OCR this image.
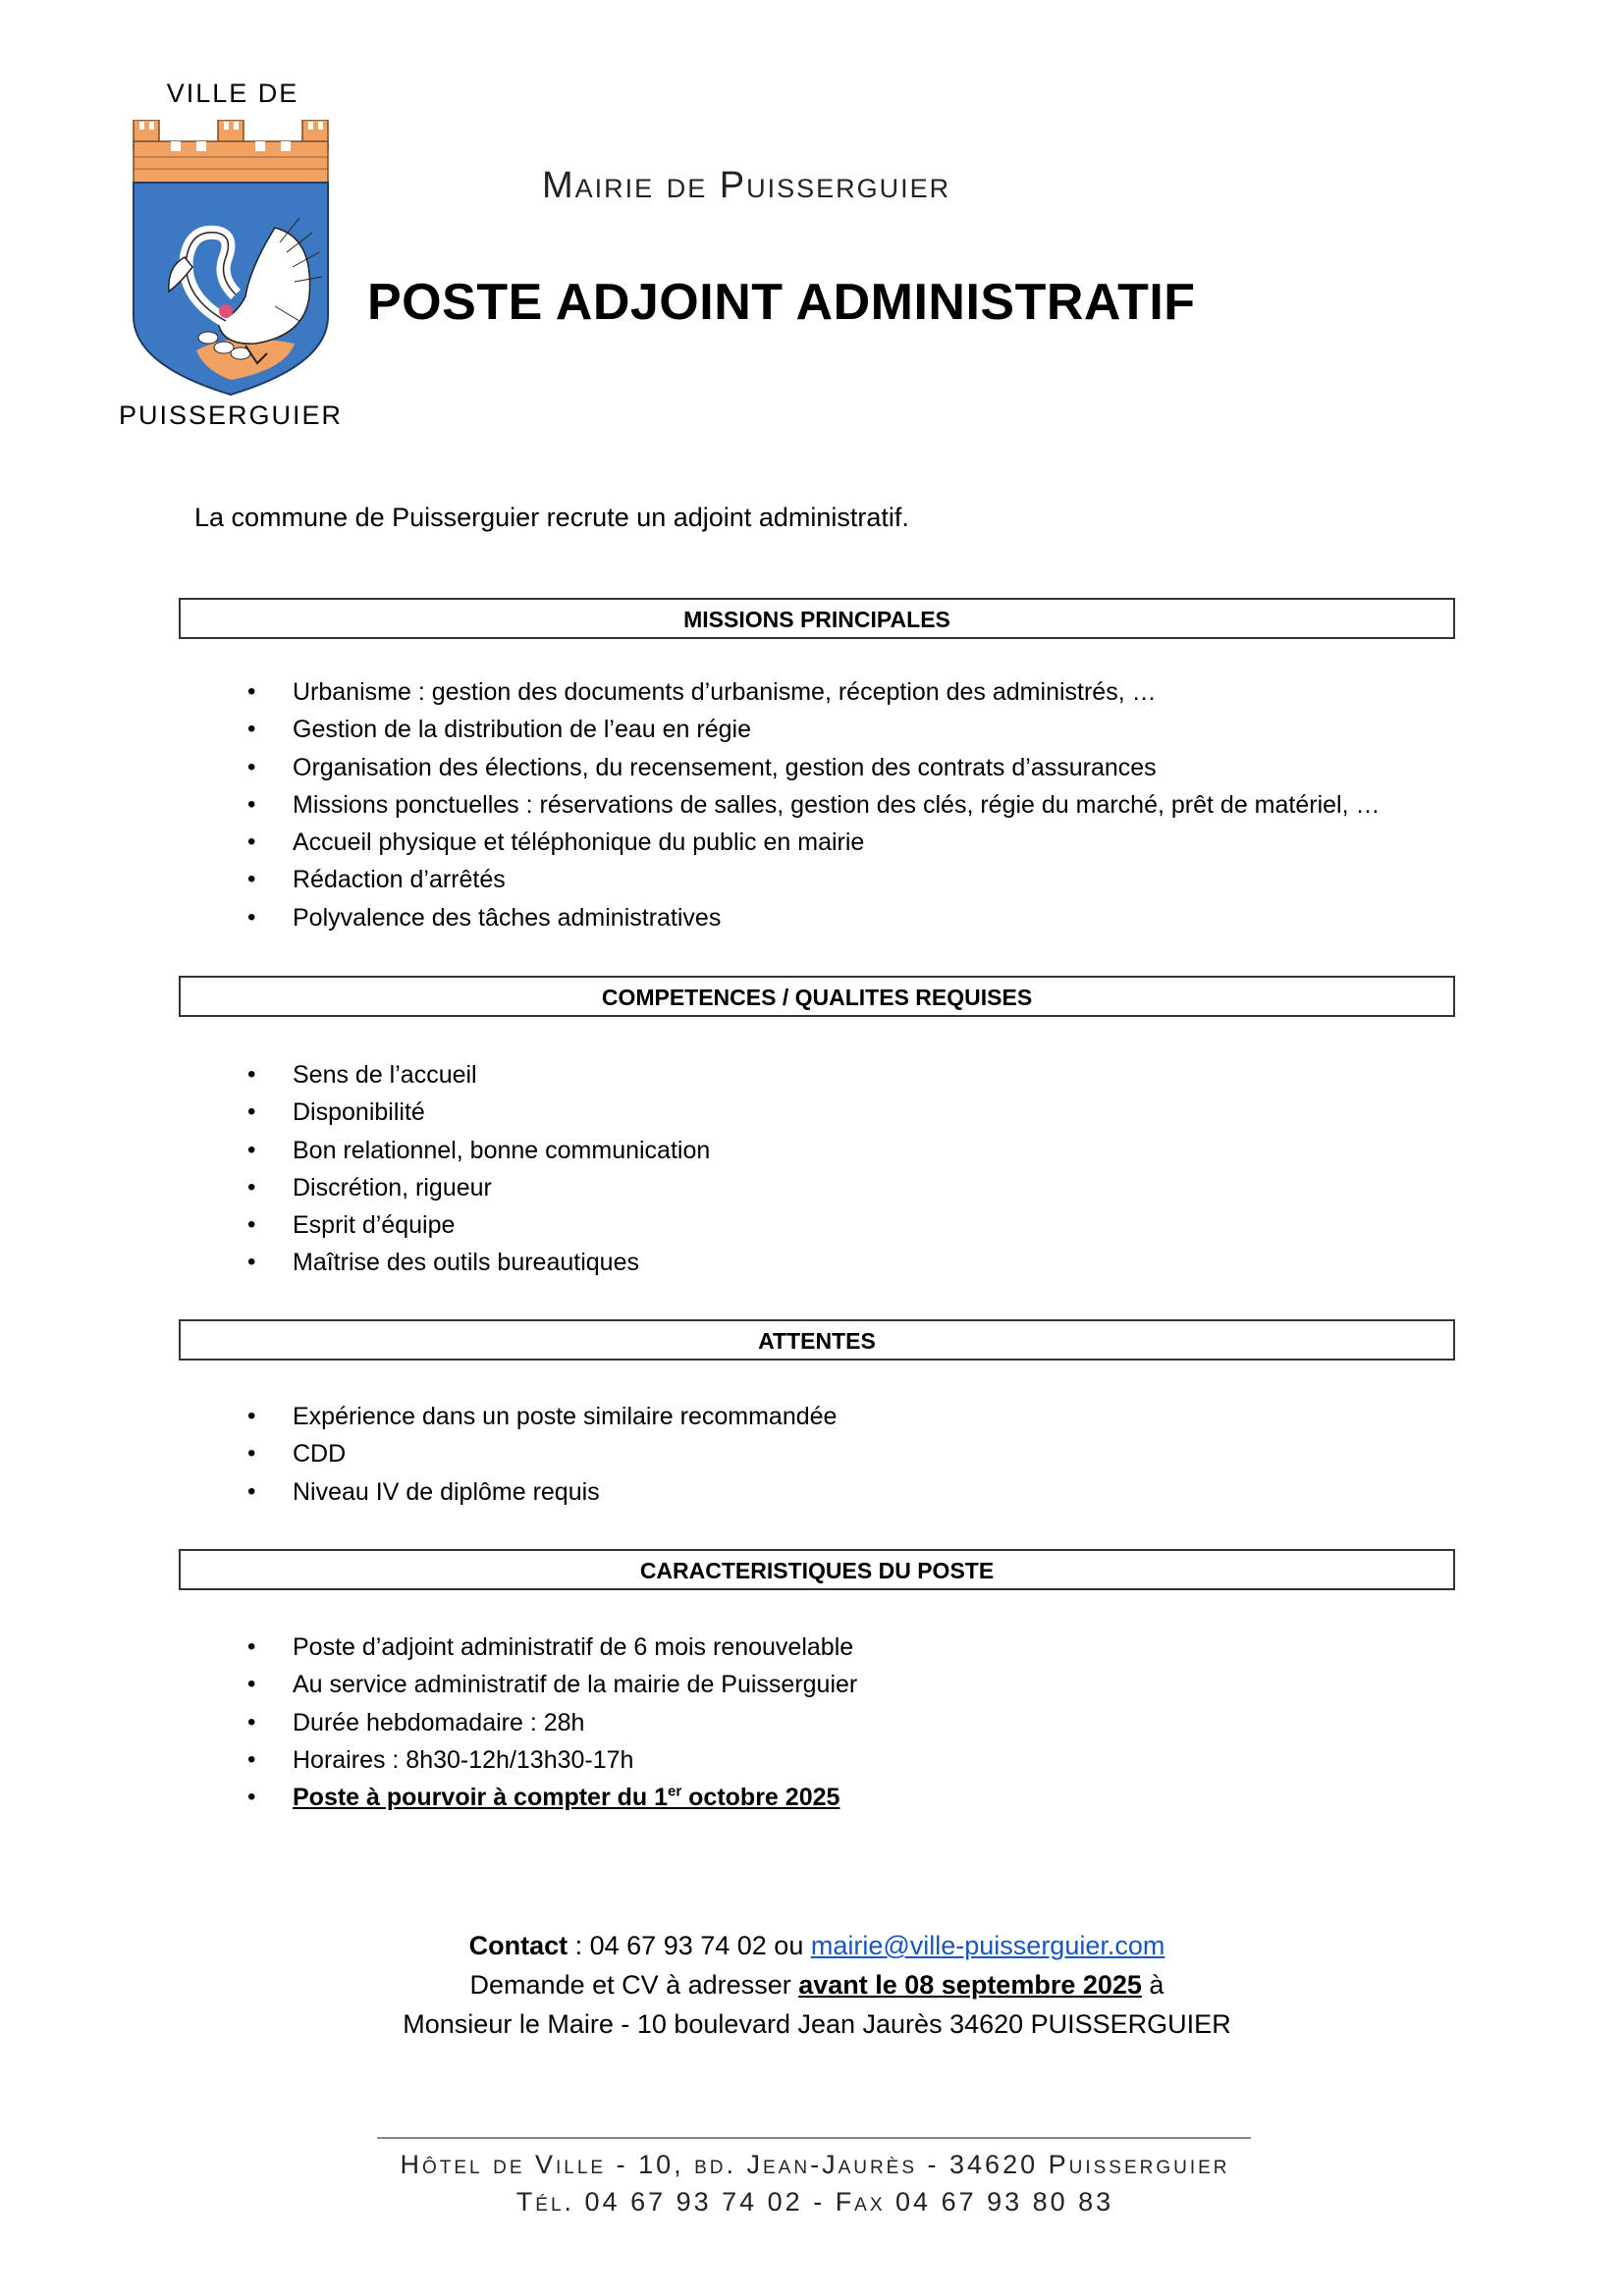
VILLE DE
PUISSERGUIER
Mairie de Puisserguier
POSTE ADJOINT ADMINISTRATIF
La commune de Puisserguier recrute un adjoint administratif.
MISSIONS PRINCIPALES
• Urbanisme : gestion des documents d’urbanisme, réception des administrés, …
• Gestion de la distribution de l’eau en régie
• Organisation des élections, du recensement, gestion des contrats d’assurances
• Missions ponctuelles : réservations de salles, gestion des clés, régie du marché, prêt de matériel, …
• Accueil physique et téléphonique du public en mairie
• Rédaction d’arrêtés
• Polyvalence des tâches administratives
COMPETENCES / QUALITES REQUISES
• Sens de l’accueil
• Disponibilité
• Bon relationnel, bonne communication
• Discrétion, rigueur
• Esprit d’équipe
• Maîtrise des outils bureautiques
ATTENTES
• Expérience dans un poste similaire recommandée
• CDD
• Niveau IV de diplôme requis
CARACTERISTIQUES DU POSTE
• Poste d’adjoint administratif de 6 mois renouvelable
• Au service administratif de la mairie de Puisserguier
• Durée hebdomadaire : 28h
• Horaires : 8h30-12h/13h30-17h
• Poste à pourvoir à compter du 1er octobre 2025
Contact : 04 67 93 74 02 ou mairie@ville-puisserguier.com
Demande et CV à adresser avant le 08 septembre 2025 à
Monsieur le Maire - 10 boulevard Jean Jaurès 34620 PUISSERGUIER
Hôtel de Ville - 10, bd. Jean-Jaurès - 34620 Puisserguier
Tél. 04 67 93 74 02 - Fax 04 67 93 80 83
